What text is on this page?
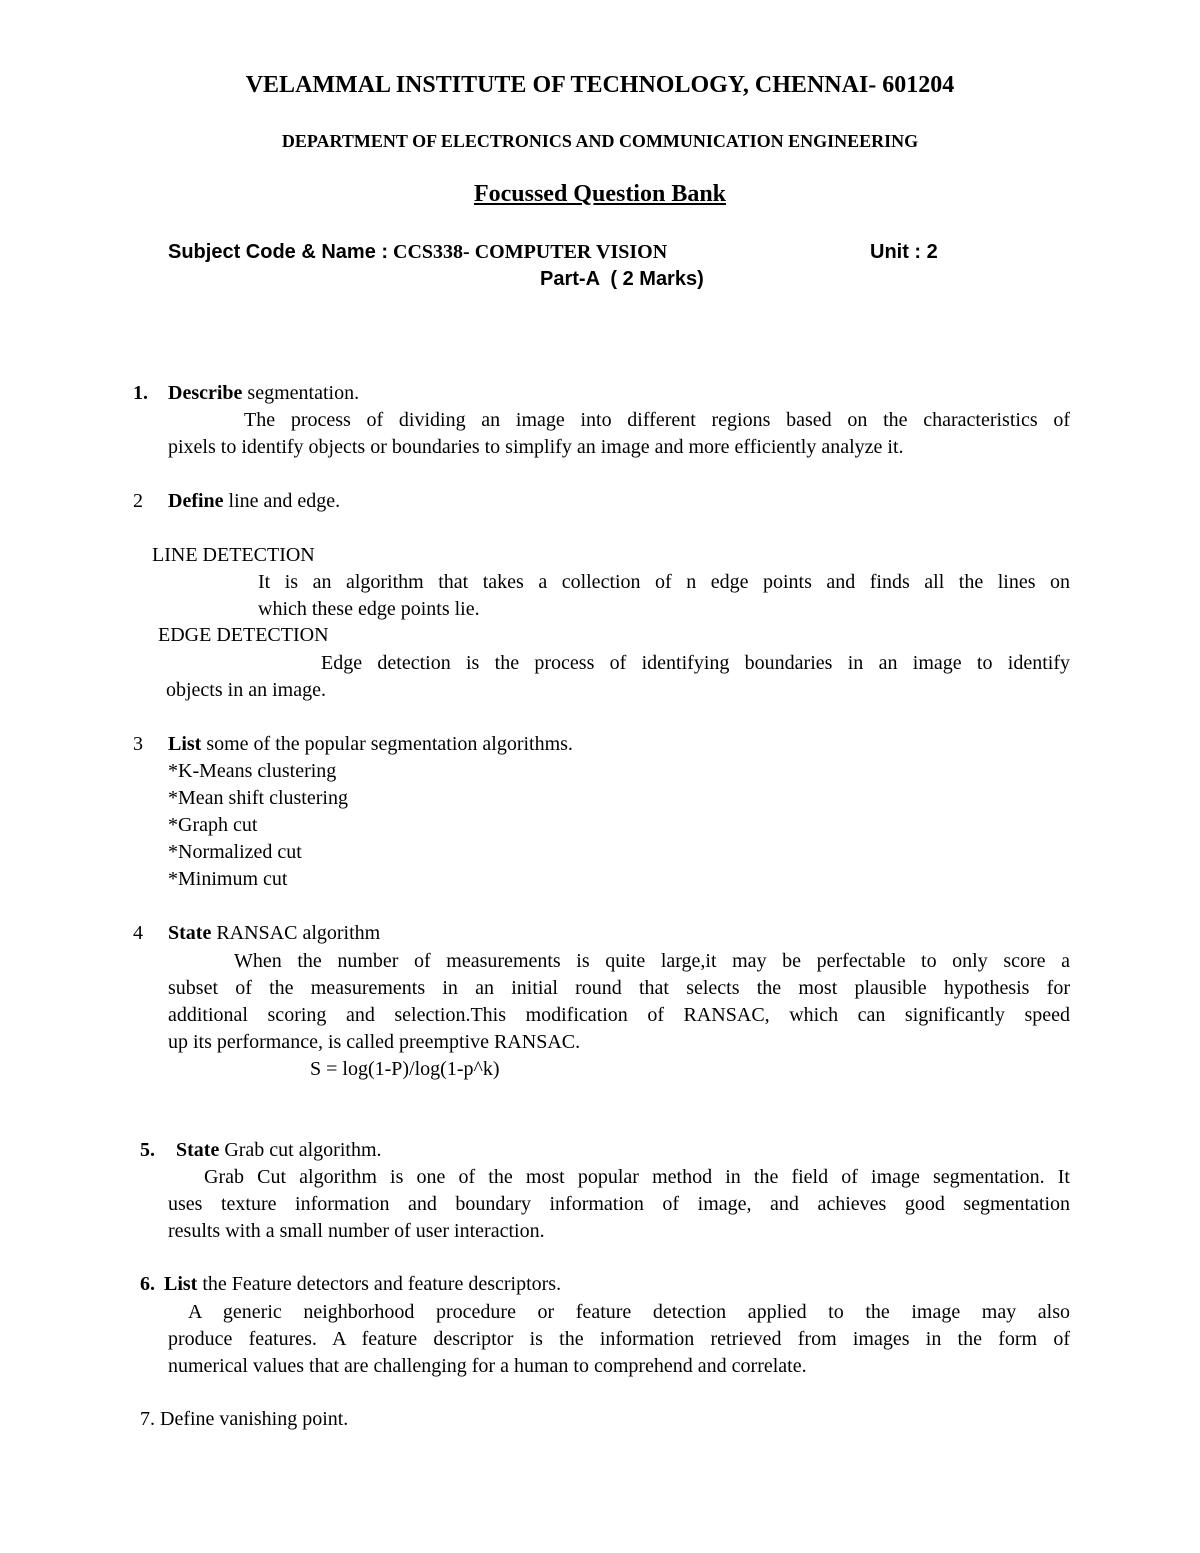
VELAMMAL INSTITUTE OF TECHNOLOGY, CHENNAI- 601204
DEPARTMENT OF ELECTRONICS AND COMMUNICATION ENGINEERING
Focussed Question Bank
Subject Code & Name : CCS338- COMPUTER VISION	Unit : 2
Part-A  ( 2 Marks)
1. Describe segmentation.
The process of dividing an image into different regions based on the characteristics of
pixels to identify objects or boundaries to simplify an image and more efficiently analyze it.
2 Define line and edge.
LINE DETECTION
It is an algorithm that takes a collection of n edge points and finds all the lines on
which these edge points lie.
EDGE DETECTION
Edge detection is the process of identifying boundaries in an image to identify
objects in an image.
3 List some of the popular segmentation algorithms.
*K-Means clustering
*Mean shift clustering
*Graph cut
*Normalized cut
*Minimum cut
4 State RANSAC algorithm
When the number of measurements is quite large,it may be perfectable to only score a
subset of the measurements in an initial round that selects the most plausible hypothesis for
additional scoring and selection.This modification of RANSAC, which can significantly speed
up its performance, is called preemptive RANSAC.
S = log(1-P)/log(1-p^k)
5. State Grab cut algorithm.
Grab Cut algorithm is one of the most popular method in the field of image segmentation. It
uses texture information and boundary information of image, and achieves good segmentation
results with a small number of user interaction.
6. List the Feature detectors and feature descriptors.
A generic neighborhood procedure or feature detection applied to the image may also
produce features. A feature descriptor is the information retrieved from images in the form of
numerical values that are challenging for a human to comprehend and correlate.
7. Define vanishing point.
